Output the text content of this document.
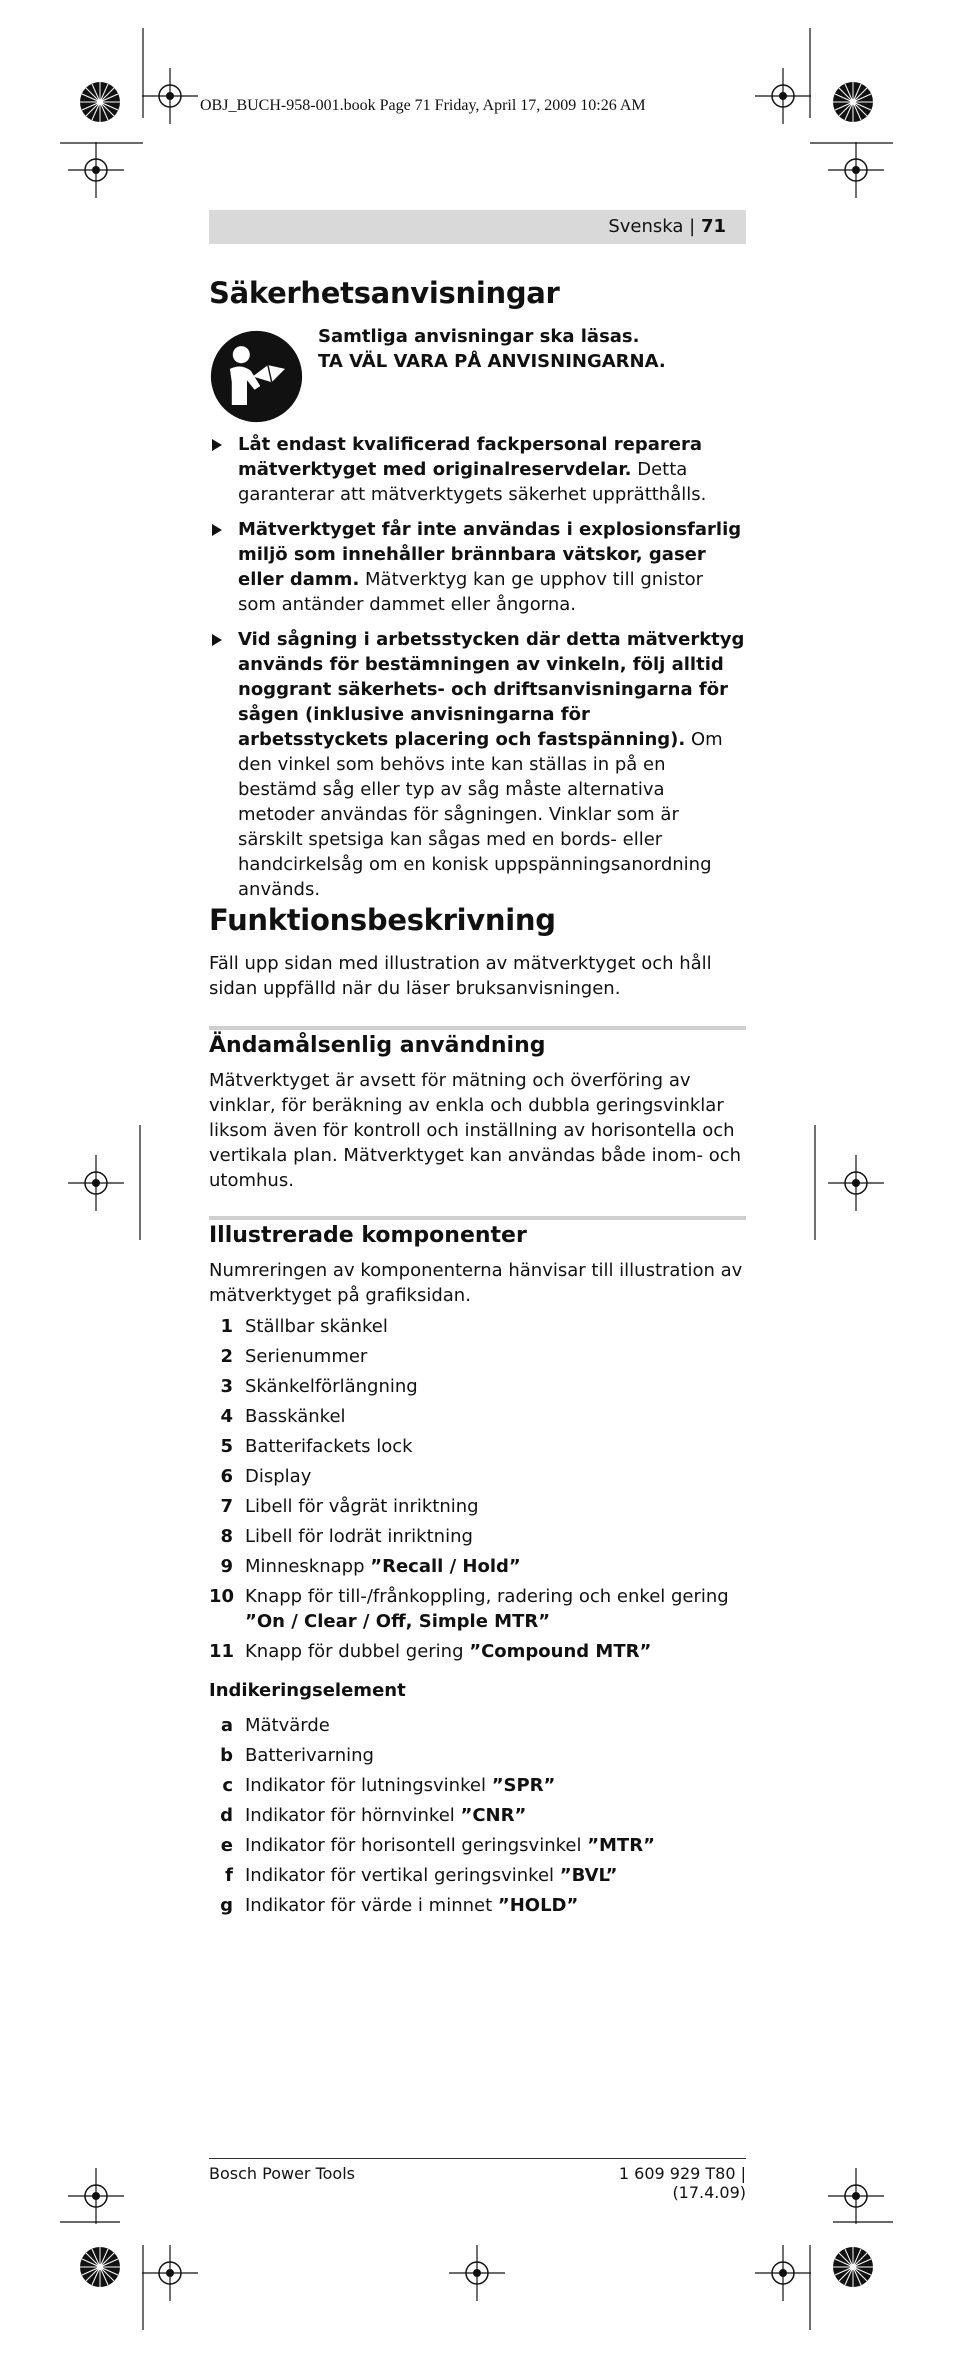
OBJ_BUCH-958-001.book Page 71 Friday, April 17, 2009 10:26 AM
Svenska | 71
Säkerhetsanvisningar
Samtliga anvisningar ska läsas.
TA VÄL VARA PÅ ANVISNINGARNA.
Låt endast kvalificerad fackpersonal reparera mätverktyget med originalreservdelar. Detta garanterar att mätverktygets säkerhet upprätthålls.
Mätverktyget får inte användas i explosionsfarlig miljö som innehåller brännbara vätskor, gaser eller damm. Mätverktyg kan ge upphov till gnistor som antänder dammet eller ångorna.
Vid sågning i arbetsstycken där detta mätverktyg används för bestämningen av vinkeln, följ alltid noggrant säkerhets- och driftsanvisningarna för sågen (inklusive anvisningarna för arbetsstyckets placering och fastspänning). Om den vinkel som behövs inte kan ställas in på en bestämd såg eller typ av såg måste alternativa metoder användas för sågningen. Vinklar som är särskilt spetsiga kan sågas med en bords- eller handcirkelsåg om en konisk uppspänningsanordning används.
Funktionsbeskrivning

Fäll upp sidan med illustration av mätverktyget och håll sidan uppfälld när du läser bruksanvisningen.

Ändamålsenlig användning

Mätverktyget är avsett för mätning och överföring av vinklar, för beräkning av enkla och dubbla geringsvinklar liksom även för kontroll och inställning av horisontella och vertikala plan. Mätverktyget kan användas både inom- och utomhus.

Illustrerade komponenter

Numreringen av komponenterna hänvisar till illustration av mätverktyget på grafiksidan.

1 Ställbar skänkel
2 Serienummer
3 Skänkelförlängning
4 Basskänkel
5 Batterifackets lock
6 Display
7 Libell för vågrät inriktning
8 Libell för lodrät inriktning
9 Minnesknapp ”Recall / Hold”
10 Knapp för till-/frånkoppling, radering och enkel gering ”On / Clear / Off, Simple MTR”
11 Knapp för dubbel gering ”Compound MTR”
Indikeringselement
a Mätvärde
b Batterivarning
c Indikator för lutningsvinkel ”SPR”
d Indikator för hörnvinkel ”CNR”
e Indikator för horisontell geringsvinkel ”MTR”
f Indikator för vertikal geringsvinkel ”BVL”
g Indikator för värde i minnet ”HOLD”
Bosch Power Tools	1 609 929 T80 | (17.4.09)
